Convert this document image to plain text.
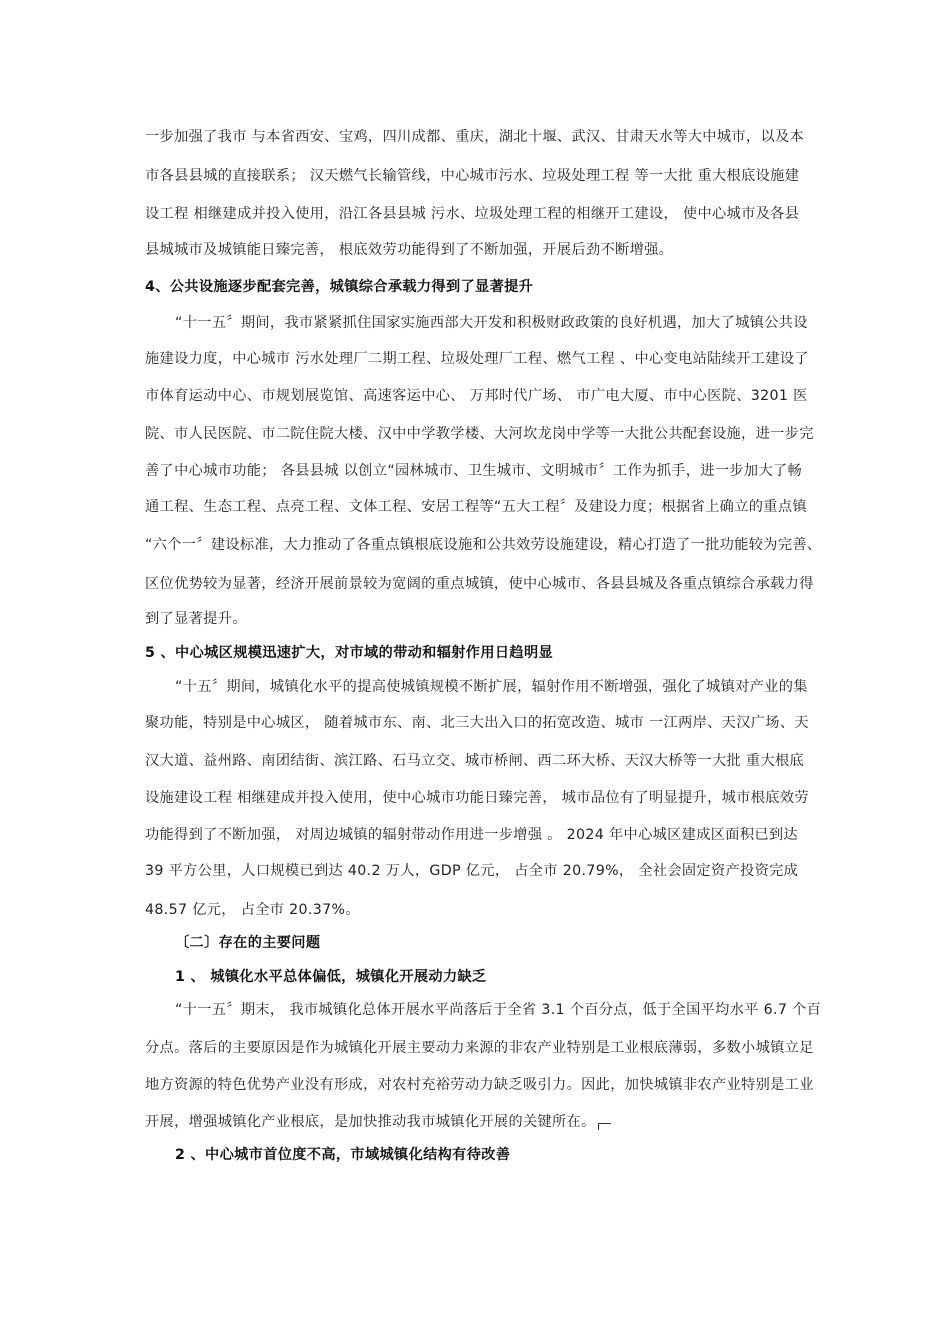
一步加强了我市 与本省西安、宝鸡，四川成都、重庆，湖北十堰、武汉、甘肃天水等大中城市，以及本
市各县县城的直接联系； 汉天燃气长输管线，中心城市污水、垃圾处理工程 等一大批 重大根底设施建
设工程 相继建成并投入使用，沿江各县县城 污水、垃圾处理工程的相继开工建设， 使中心城市及各县
县城城市及城镇能日臻完善， 根底效劳功能得到了不断加强，开展后劲不断增强。
4、公共设施逐步配套完善，城镇综合承载力得到了显著提升
“十一五〞期间，我市紧紧抓住国家实施西部大开发和积极财政政策的良好机遇，加大了城镇公共设
施建设力度，中心城市 污水处理厂二期工程、垃圾处理厂工程、燃气工程 、中心变电站陆续开工建设了
市体育运动中心、市规划展览馆、高速客运中心、 万邦时代广场、 市广电大厦、市中心医院、3201 医
院、市人民医院、市二院住院大楼、汉中中学教学楼、大河坎龙岗中学等一大批公共配套设施，进一步完
善了中心城市功能； 各县县城 以创立“园林城市、卫生城市、文明城市〞工作为抓手，进一步加大了畅
通工程、生态工程、点亮工程、文体工程、安居工程等“五大工程〞及建设力度；根据省上确立的重点镇
“六个一〞建设标准，大力推动了各重点镇根底设施和公共效劳设施建设，精心打造了一批功能较为完善、
区位优势较为显著，经济开展前景较为宽阔的重点城镇，使中心城市、各县县城及各重点镇综合承载力得
到了显著提升。
5 、中心城区规模迅速扩大，对市域的带动和辐射作用日趋明显
“十五〞期间，城镇化水平的提高使城镇规模不断扩展，辐射作用不断增强，强化了城镇对产业的集
聚功能，特别是中心城区， 随着城市东、南、北三大出入口的拓宽改造、城市 一江两岸、天汉广场、天
汉大道、益州路、南团结街、滨江路、石马立交、城市桥闸、西二环大桥、天汉大桥等一大批 重大根底
设施建设工程 相继建成并投入使用，使中心城市功能日臻完善， 城市品位有了明显提升，城市根底效劳
功能得到了不断加强， 对周边城镇的辐射带动作用进一步增强 。 2024 年中心城区建成区面积已到达
39 平方公里，人口规模已到达 40.2 万人，GDP 亿元， 占全市 20.79%， 全社会固定资产投资完成
48.57 亿元， 占全市 20.37%。
〔二〕存在的主要问题
1 、 城镇化水平总体偏低，城镇化开展动力缺乏
“十一五〞期末， 我市城镇化总体开展水平尚落后于全省 3.1 个百分点，低于全国平均水平 6.7 个百
分点。落后的主要原因是作为城镇化开展主要动力来源的非农产业特别是工业根底薄弱，多数小城镇立足
地方资源的特色优势产业没有形成，对农村充裕劳动力缺乏吸引力。因此，加快城镇非农产业特别是工业
开展，增强城镇化产业根底，是加快推动我市城镇化开展的关键所在。
2 、中心城市首位度不高，市域城镇化结构有待改善
